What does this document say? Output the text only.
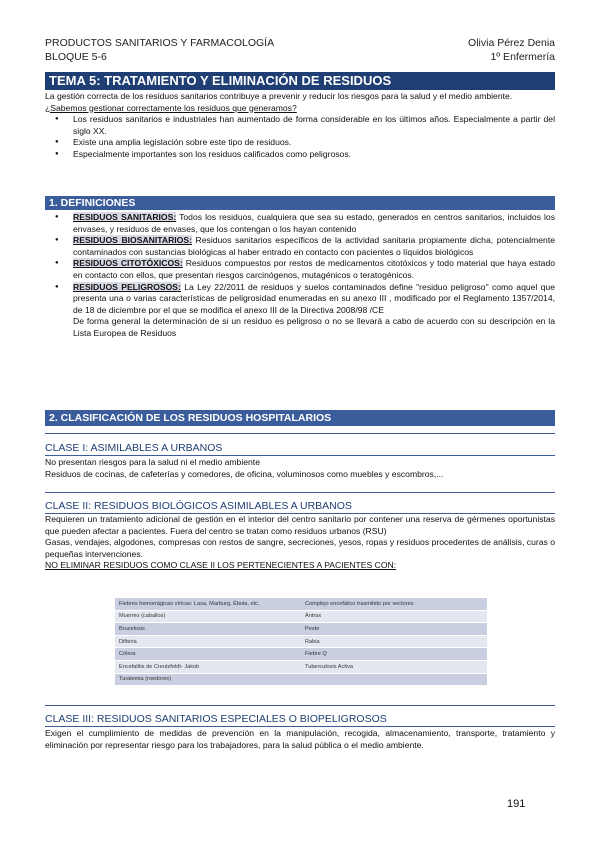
PRODUCTOS SANITARIOS Y FARMACOLOGÍA	Olivia Pérez Denia
BLOQUE 5-6	1º Enfermería
TEMA 5: TRATAMIENTO Y ELIMINACIÓN DE RESIDUOS

La gestión correcta de los residuos sanitarios contribuye a prevenir y reducir los riesgos para la salud y el medio ambiente.

¿Sabemos gestionar correctamente los residuos que generamos?

● Los residuos sanitarios e industriales han aumentado de forma considerable en los últimos años. Especialmente a partir del siglo XX.
● Existe una amplia legislación sobre este tipo de residuos.
● Especialmente importantes son los residuos calificados como peligrosos.
1. DEFINICIONES
● RESIDUOS SANITARIOS: Todos los residuos, cualquiera que sea su estado, generados en centros sanitarios, incluidos los envases, y residuos de envases, que los contengan o los hayan contenido
● RESIDUOS BIOSANITARIOS: Residuos sanitarios específicos de la actividad sanitaria propiamente dicha, potencialmente contaminados con sustancias biológicas al haber entrado en contacto con pacientes o líquidos biológicos
● RESIDUOS CITOTÓXICOS: Residuos compuestos por restos de medicamentos citotóxicos y todo material que haya estado en contacto con ellos, que presentan riesgos carcinógenos, mutagénicos o teratogénicos.
● RESIDUOS PELIGROSOS: La Ley 22/2011 de residuos y suelos contaminados define "residuo peligroso" como aquel que presenta una o varias características de peligrosidad enumeradas en su anexo III , modificado por el Reglamento 1357/2014, de 18 de diciembre por el que se modifica el anexo III de la Directiva 2008/98 /CE
De forma general la determinación de si un residuo es peligroso o no se llevará a cabo de acuerdo con su descripción en la Lista Europea de Residuos
2. CLASIFICACIÓN DE LOS RESIDUOS HOSPITALARIOS
CLASE I: ASIMILABLES A URBANOS

No presentan riesgos para la salud ni el medio ambiente

Residuos de cocinas, de cafeterías y comedores, de oficina, voluminosos como muebles y escombros,...

CLASE II: RESIDUOS BIOLÓGICOS ASIMILABLES A URBANOS

Requieren un tratamiento adicional de gestión en el interior del centro sanitario por contener una reserva de gérmenes oportunistas que pueden afectar a pacientes. Fuera del centro se tratan como residuos urbanos (RSU)

Gasas, vendajes, algodones, compresas con restos de sangre, secreciones, yesos, ropas y residuos procedentes de análisis, curas o pequeñas intervenciones.

NO ELIMINAR RESIDUOS COMO CLASE II LOS PERTENECIENTES A PACIENTES CON:

Fiebres hemorrágicas víricas: Lasa, Marburg, Ébola, etc.	Complejo encefálico trasmitido por vectores
Muermo (caballos)	Ántrax
Brucelosis	Peste
Difteria	Rabia
Cólera	Fiebre Q
Encefalitis de Creutzfeldt- Jakob	Tuberculosis Activa
Turalemia (roedores)	
CLASE III: RESIDUOS SANITARIOS ESPECIALES O BIOPELIGROSOS

Exigen el cumplimiento de medidas de prevención en la manipulación, recogida, almacenamiento, transporte, tratamiento y eliminación por representar riesgo para los trabajadores, para la salud pública o el medio ambiente.

191
